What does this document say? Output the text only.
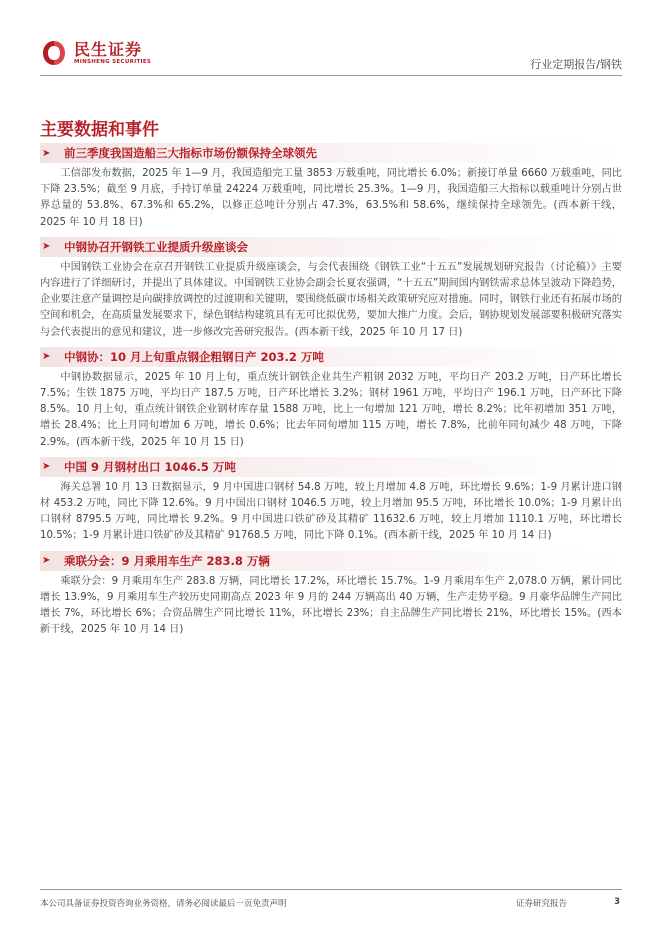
民生证券
MINSHENG SECURITIES	行业定期报告/钢铁
主要数据和事件
➤	前三季度我国造船三大指标市场份额保持全球领先

工信部发布数据，2025 年 1—9 月，我国造船完工量 3853 万载重吨，同比增长 6.0%；新接订单量 6660 万载重吨，同比下降 23.5%；截至 9 月底，手持订单量 24224 万载重吨，同比增长 25.3%。1—9 月，我国造船三大指标以载重吨计分别占世界总量的 53.8%、67.3%和 65.2%，以修正总吨计分别占 47.3%，63.5%和 58.6%，继续保持全球领先。(西本新干线，2025 年 10 月 18 日)

➤	中钢协召开钢铁工业提质升级座谈会

中国钢铁工业协会在京召开钢铁工业提质升级座谈会，与会代表围绕《钢铁工业“十五五”发展规划研究报告（讨论稿）》主要内容进行了详细研讨，并提出了具体建议。中国钢铁工业协会副会长夏农强调，“十五五”期间国内钢铁需求总体呈波动下降趋势，企业要注意产量调控是向碳排放调控的过渡期和关键期，要围绕低碳市场相关政策研究应对措施。同时，钢铁行业还有拓展市场的空间和机会，在高质量发展要求下，绿色钢结构建筑具有无可比拟优势，要加大推广力度。会后，钢协规划发展部要积极研究落实与会代表提出的意见和建议，进一步修改完善研究报告。(西本新干线，2025 年 10 月 17 日)

➤	中钢协：10 月上旬重点钢企粗钢日产 203.2 万吨

中钢协数据显示，2025 年 10 月上旬，重点统计钢铁企业共生产粗钢 2032 万吨，平均日产 203.2 万吨，日产环比增长 7.5%；生铁 1875 万吨，平均日产 187.5 万吨，日产环比增长 3.2%；钢材 1961 万吨，平均日产 196.1 万吨，日产环比下降 8.5%。10 月上旬，重点统计钢铁企业钢材库存量 1588 万吨，比上一旬增加 121 万吨，增长 8.2%；比年初增加 351 万吨，增长 28.4%；比上月同旬增加 6 万吨，增长 0.6%；比去年同旬增加 115 万吨，增长 7.8%，比前年同旬减少 48 万吨，下降 2.9%。(西本新干线，2025 年 10 月 15 日)

➤	中国 9 月钢材出口 1046.5 万吨

海关总署 10 月 13 日数据显示，9 月中国进口钢材 54.8 万吨，较上月增加 4.8 万吨，环比增长 9.6%；1-9 月累计进口钢材 453.2 万吨，同比下降 12.6%。9 月中国出口钢材 1046.5 万吨，较上月增加 95.5 万吨，环比增长 10.0%；1-9 月累计出口钢材 8795.5 万吨，同比增长 9.2%。9 月中国进口铁矿砂及其精矿 11632.6 万吨，较上月增加 1110.1 万吨，环比增长 10.5%；1-9 月累计进口铁矿砂及其精矿 91768.5 万吨，同比下降 0.1%。(西本新干线，2025 年 10 月 14 日)

➤	乘联分会：9 月乘用车生产 283.8 万辆

乘联分会：9 月乘用车生产 283.8 万辆，同比增长 17.2%，环比增长 15.7%。1-9 月乘用车生产 2,078.0 万辆，累计同比增长 13.9%，9 月乘用车生产较历史同期高点 2023 年 9 月的 244 万辆高出 40 万辆，生产走势平稳。9 月豪华品牌生产同比增长 7%，环比增长 6%；合资品牌生产同比增长 11%，环比增长 23%；自主品牌生产同比增长 21%，环比增长 15%。(西本新干线，2025 年 10 月 14 日)

本公司具备证券投资咨询业务资格，请务必阅读最后一页免责声明	证券研究报告	3
